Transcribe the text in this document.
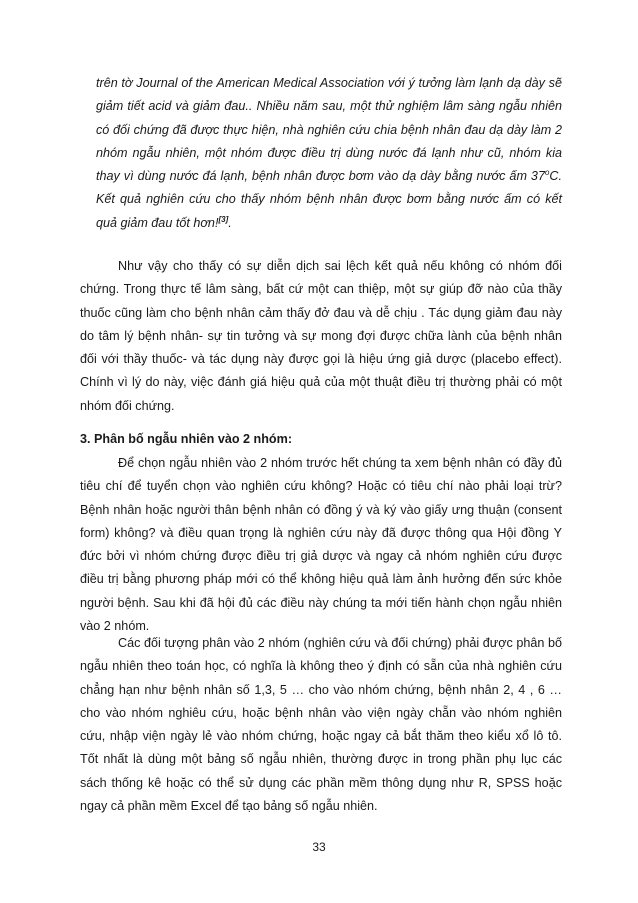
trên tờ Journal of the American Medical Association với ý tưởng làm lạnh dạ dày sẽ giảm tiết acid và giảm đau.. Nhiều năm sau, một thử nghiệm lâm sàng ngẫu nhiên có đối chứng đã được thực hiện, nhà nghiên cứu chia bệnh nhân đau dạ dày làm 2 nhóm ngẫu nhiên, một nhóm được điều trị dùng nước đá lạnh như cũ, nhóm kia thay vì dùng nước đá lạnh, bệnh nhân được bơm vào dạ dày bằng nước ấm 37$^o$C. Kết quả nghiên cứu cho thấy nhóm bệnh nhân được bơm bằng nước ấm có kết quả giảm đau tốt hơn![3].

Như vậy cho thấy có sự diễn dịch sai lệch kết quả nếu không có nhóm đối chứng. Trong thực tế lâm sàng, bất cứ một can thiệp, một sự giúp đỡ nào của thầy thuốc cũng làm cho bệnh nhân cảm thấy đở đau và dễ chịu . Tác dụng giảm đau này do tâm lý bệnh nhân- sự tin tưởng và sự mong đợi được chữa lành của bệnh nhân đối với thầy thuốc- và tác dụng này được gọi là hiệu ứng giả dược (placebo effect). Chính vì lý do này, việc đánh giá hiệu quả của một thuật điều trị thường phải có một nhóm đối chứng.

3. Phân bố ngẫu nhiên vào 2 nhóm:

Để chọn ngẫu nhiên vào 2 nhóm trước hết chúng ta xem bệnh nhân có đầy đủ tiêu chí để tuyển chọn vào nghiên cứu không? Hoặc có tiêu chí nào phải loại trừ? Bệnh nhân hoặc người thân bệnh nhân có đồng ý và ký vào giấy ưng thuận (consent form) không? và điều quan trọng là nghiên cứu này đã được thông qua Hội đồng Y đức bởi vì nhóm chứng được điều trị giả dược và ngay cả nhóm nghiên cứu được điều trị bằng phương pháp mới có thể không hiệu quả làm ảnh hưởng đến sức khỏe người bệnh. Sau khi đã hội đủ các điều này chúng ta mới tiến hành chọn ngẫu nhiên vào 2 nhóm.

Các đối tượng phân vào 2 nhóm (nghiên cứu và đối chứng) phải được phân bố ngẫu nhiên theo toán học, có nghĩa là không theo ý định có sẵn của nhà nghiên cứu chẳng hạn như bệnh nhân số 1,3, 5 … cho vào nhóm chứng, bệnh nhân 2, 4 , 6 … cho vào nhóm nghiêu cứu, hoặc bệnh nhân vào viện ngày chẵn vào nhóm nghiên cứu, nhập viện ngày lẻ vào nhóm chứng, hoặc ngay cả bắt thăm theo kiểu xổ lô tô. Tốt nhất là dùng một bảng số ngẫu nhiên, thường được in trong phần phụ lục các sách thống kê hoặc có thể sử dụng các phần mềm thông dụng như R, SPSS hoặc ngay cả phần mềm Excel để tạo bảng số ngẫu nhiên.

33
